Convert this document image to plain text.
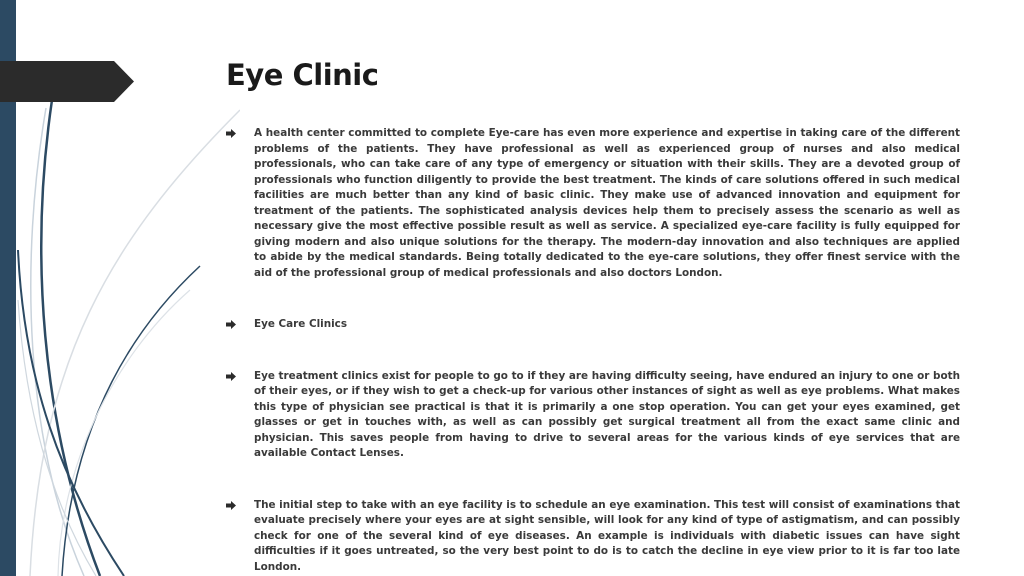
Eye Clinic
A health center committed to complete Eye-care has even more experience and expertise in taking care of the different problems of the patients. They have professional as well as experienced group of nurses and also medical professionals, who can take care of any type of emergency or situation with their skills. They are a devoted group of professionals who function diligently to provide the best treatment. The kinds of care solutions offered in such medical facilities are much better than any kind of basic clinic. They make use of advanced innovation and equipment for treatment of the patients. The sophisticated analysis devices help them to precisely assess the scenario as well as necessary give the most effective possible result as well as service. A specialized eye-care facility is fully equipped for giving modern and also unique solutions for the therapy. The modern-day innovation and also techniques are applied to abide by the medical standards. Being totally dedicated to the eye-care solutions, they offer finest service with the aid of the professional group of medical professionals and also doctors London.
Eye Care Clinics
Eye treatment clinics exist for people to go to if they are having difficulty seeing, have endured an injury to one or both of their eyes, or if they wish to get a check-up for various other instances of sight as well as eye problems. What makes this type of physician see practical is that it is primarily a one stop operation. You can get your eyes examined, get glasses or get in touches with, as well as can possibly get surgical treatment all from the exact same clinic and physician. This saves people from having to drive to several areas for the various kinds of eye services that are available Contact Lenses.
The initial step to take with an eye facility is to schedule an eye examination. This test will consist of examinations that evaluate precisely where your eyes are at sight sensible, will look for any kind of type of astigmatism, and can possibly check for one of the several kind of eye diseases. An example is individuals with diabetic issues can have sight difficulties if it goes untreated, so the very best point to do is to catch the decline in eye view prior to it is far too late London.
